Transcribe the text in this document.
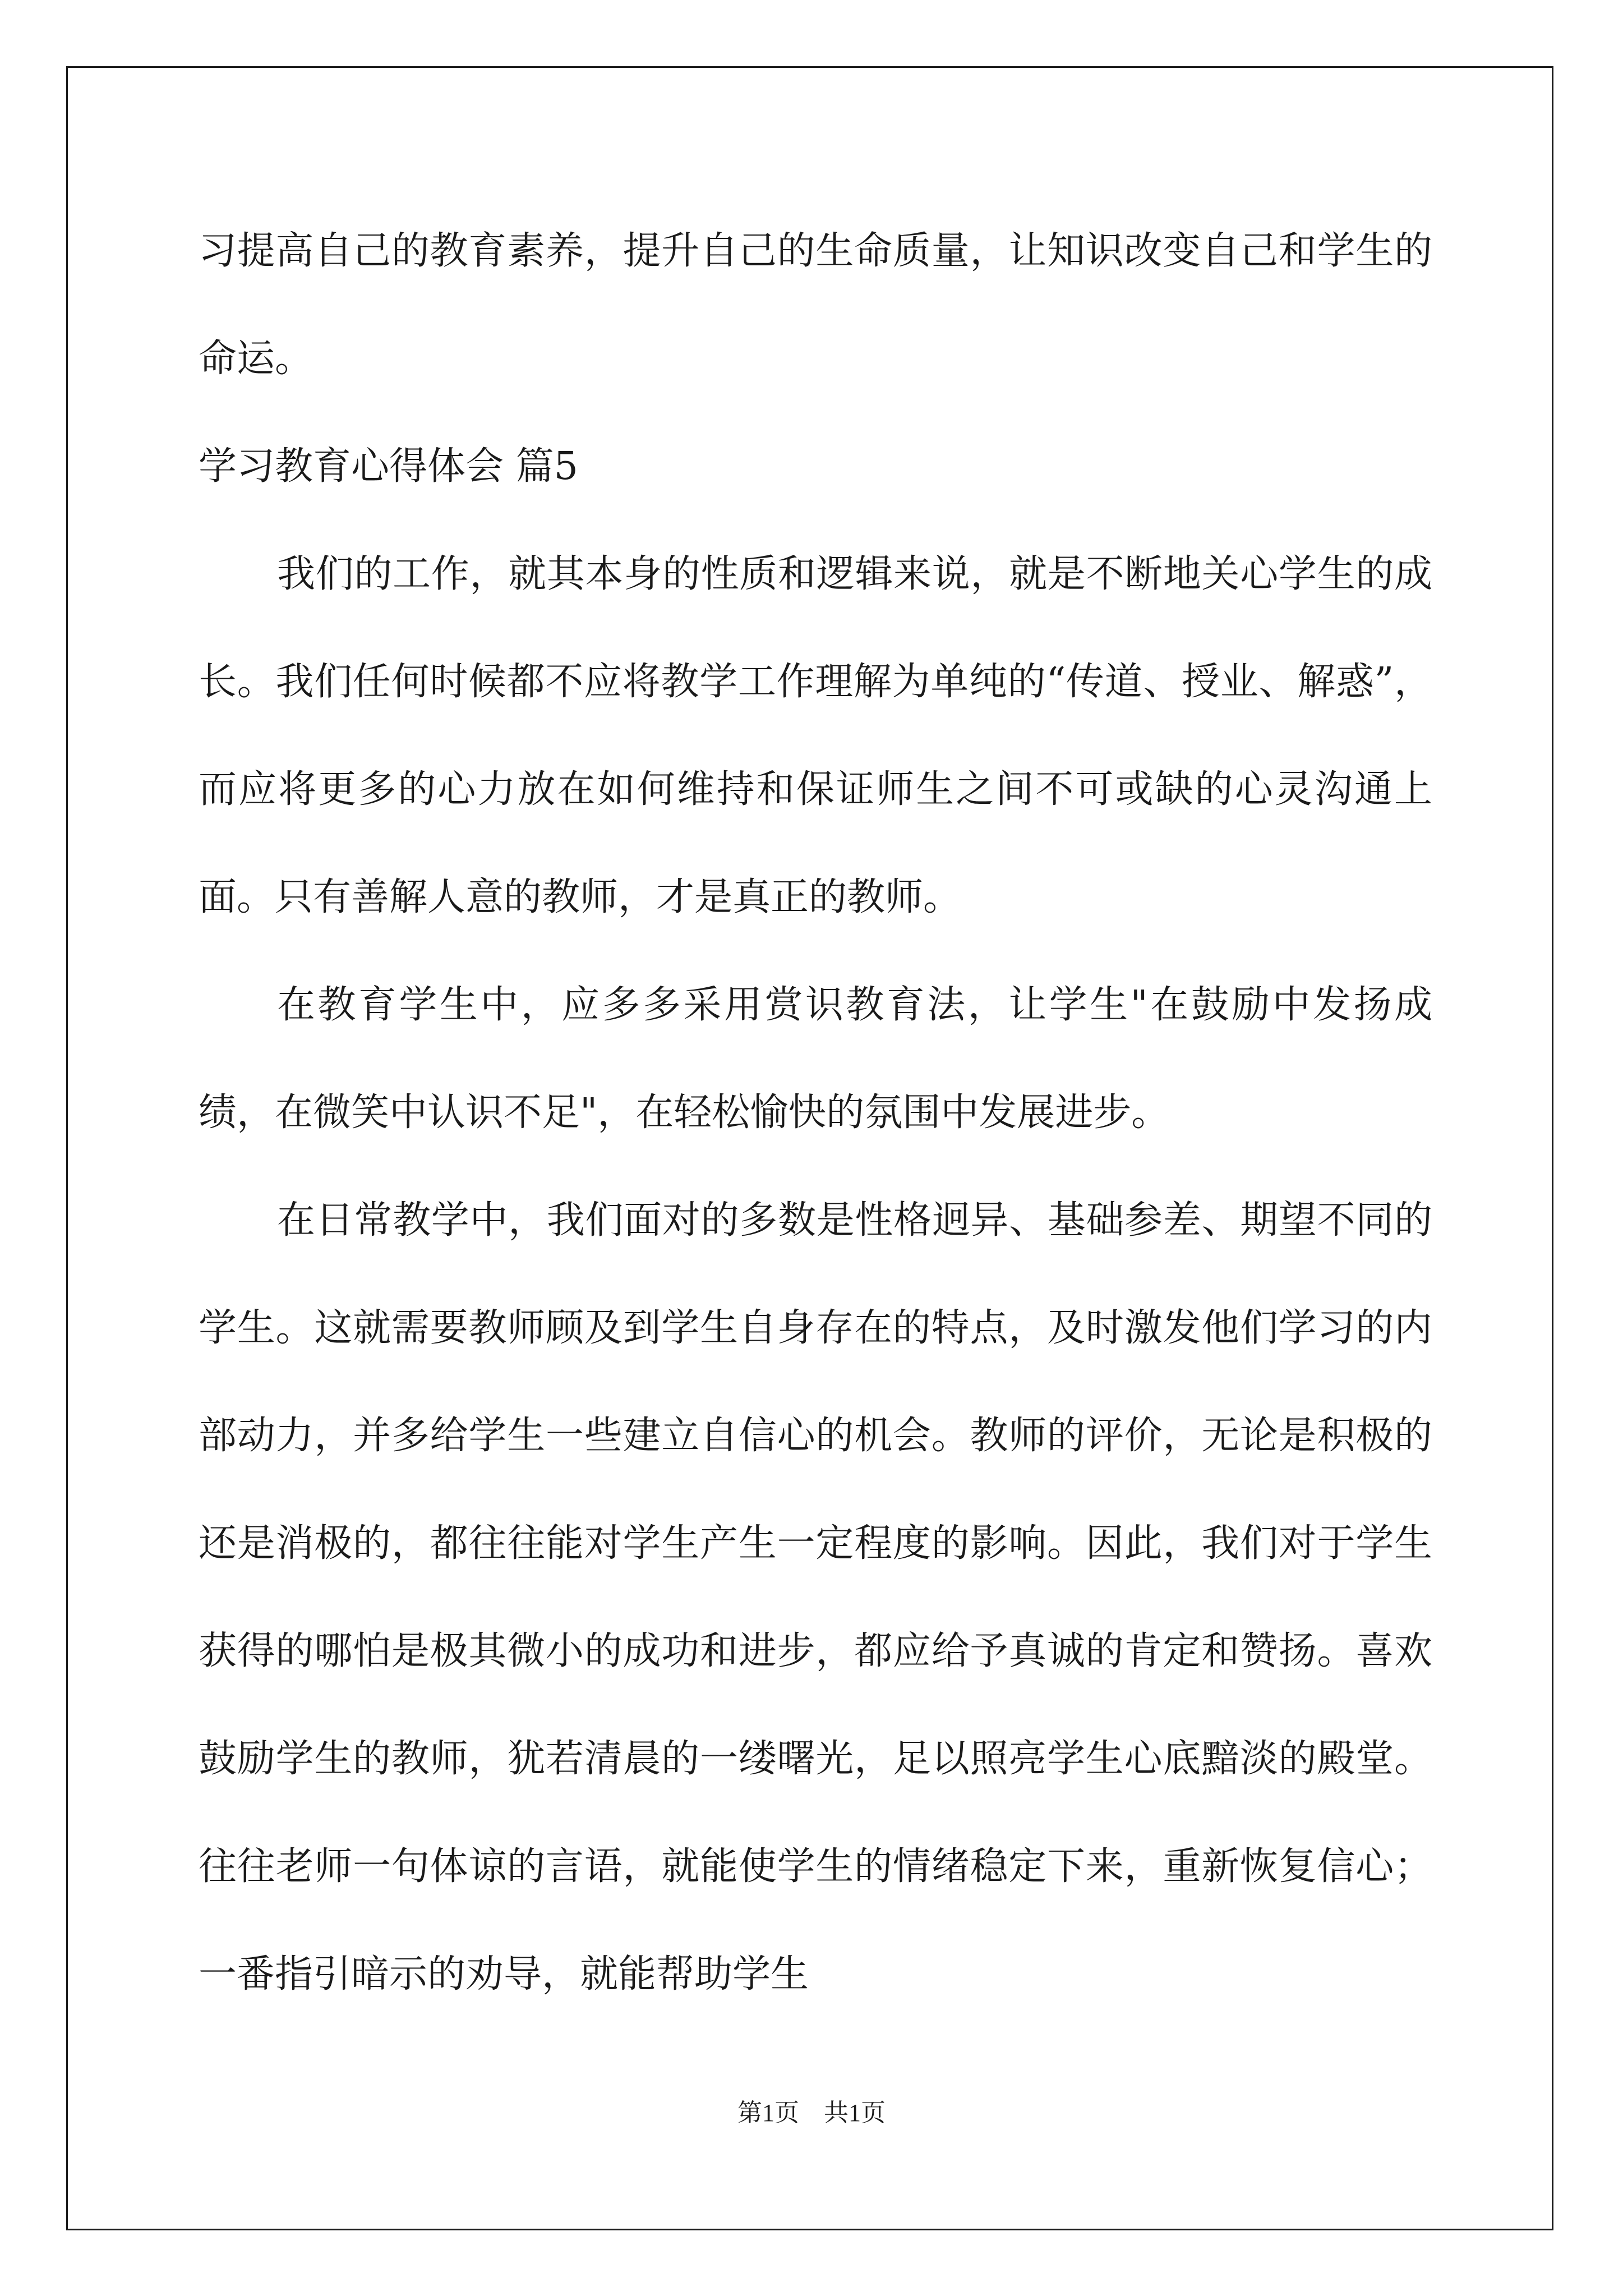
习提高自己的教育素养，提升自己的生命质量，让知识改变自己和学生的命运。

学习教育心得体会 篇5

我们的工作，就其本身的性质和逻辑来说，就是不断地关心学生的成长。我们任何时候都不应将教学工作理解为单纯的“传道、授业、解惑”，而应将更多的心力放在如何维持和保证师生之间不可或缺的心灵沟通上面。只有善解人意的教师，才是真正的教师。

在教育学生中，应多多采用赏识教育法，让学生"在鼓励中发扬成绩，在微笑中认识不足"，在轻松愉快的氛围中发展进步。

在日常教学中，我们面对的多数是性格迥异、基础参差、期望不同的学生。这就需要教师顾及到学生自身存在的特点，及时激发他们学习的内部动力，并多给学生一些建立自信心的机会。教师的评价，无论是积极的还是消极的，都往往能对学生产生一定程度的影响。因此，我们对于学生获得的哪怕是极其微小的成功和进步，都应给予真诚的肯定和赞扬。喜欢鼓励学生的教师，犹若清晨的一缕曙光，足以照亮学生心底黯淡的殿堂。往往老师一句体谅的言语，就能使学生的情绪稳定下来，重新恢复信心；一番指引暗示的劝导，就能帮助学生

第1页　共1页
